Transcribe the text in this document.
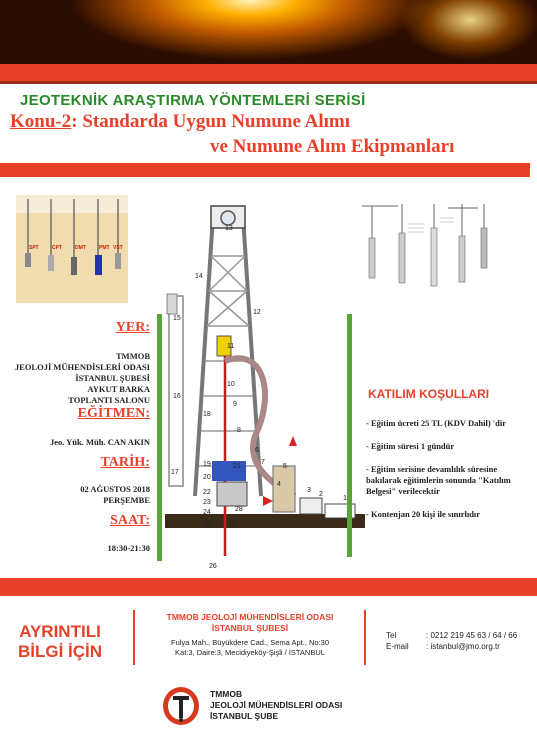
JEOTEKNİK ARAŞTIRMA YÖNTEMLERİ SERİSİ
Konu-2: Standarda Uygun Numune Alımı
ve Numune Alım Ekipmanları
SPT	CPT	DMT	PMT VST
13
14
15
16
17
18
19
20
21
22
23
24
25
26
27
28
12
11
10
9
8
7
6
5
4
3
2
1
YER:
TMMOB
JEOLOJİ MÜHENDİSLERİ ODASI
İSTANBUL ŞUBESİ
AYKUT BARKA
TOPLANTI SALONU
EĞİTMEN:
Jeo. Yük. Müh. CAN AKIN
TARİH:
02 AĞUSTOS 2018
PERŞEMBE
SAAT:
18:30-21:30
KATILIM KOŞULLARI
- Eğitim ücreti 25 TL (KDV Dahil) 'dir
- Eğitim süresi 1 gündür
- Eğitim serisine devamlılık süresine bakılarak eğitimlerin sonunda "Katılım Belgesi" verilecektir
- Kontenjan 20 kişi ile sınırlıdır
AYRINTILI
BİLGİ İÇİN
TMMOB JEOLOJİ MÜHENDİSLERİ ODASI
İSTANBUL ŞUBESİ
Fulya Mah., Büyükdere Cad., Sema Apt., No:30
Kat:3, Daire:3, Mecidiyeköy-Şişli / İSTANBUL
Tel	: 0212 219 45 63 / 64 / 66
E-mail : istanbul@jmo.org.tr
TMMOB
JEOLOJİ MÜHENDİSLERİ ODASI
İSTANBUL ŞUBE
